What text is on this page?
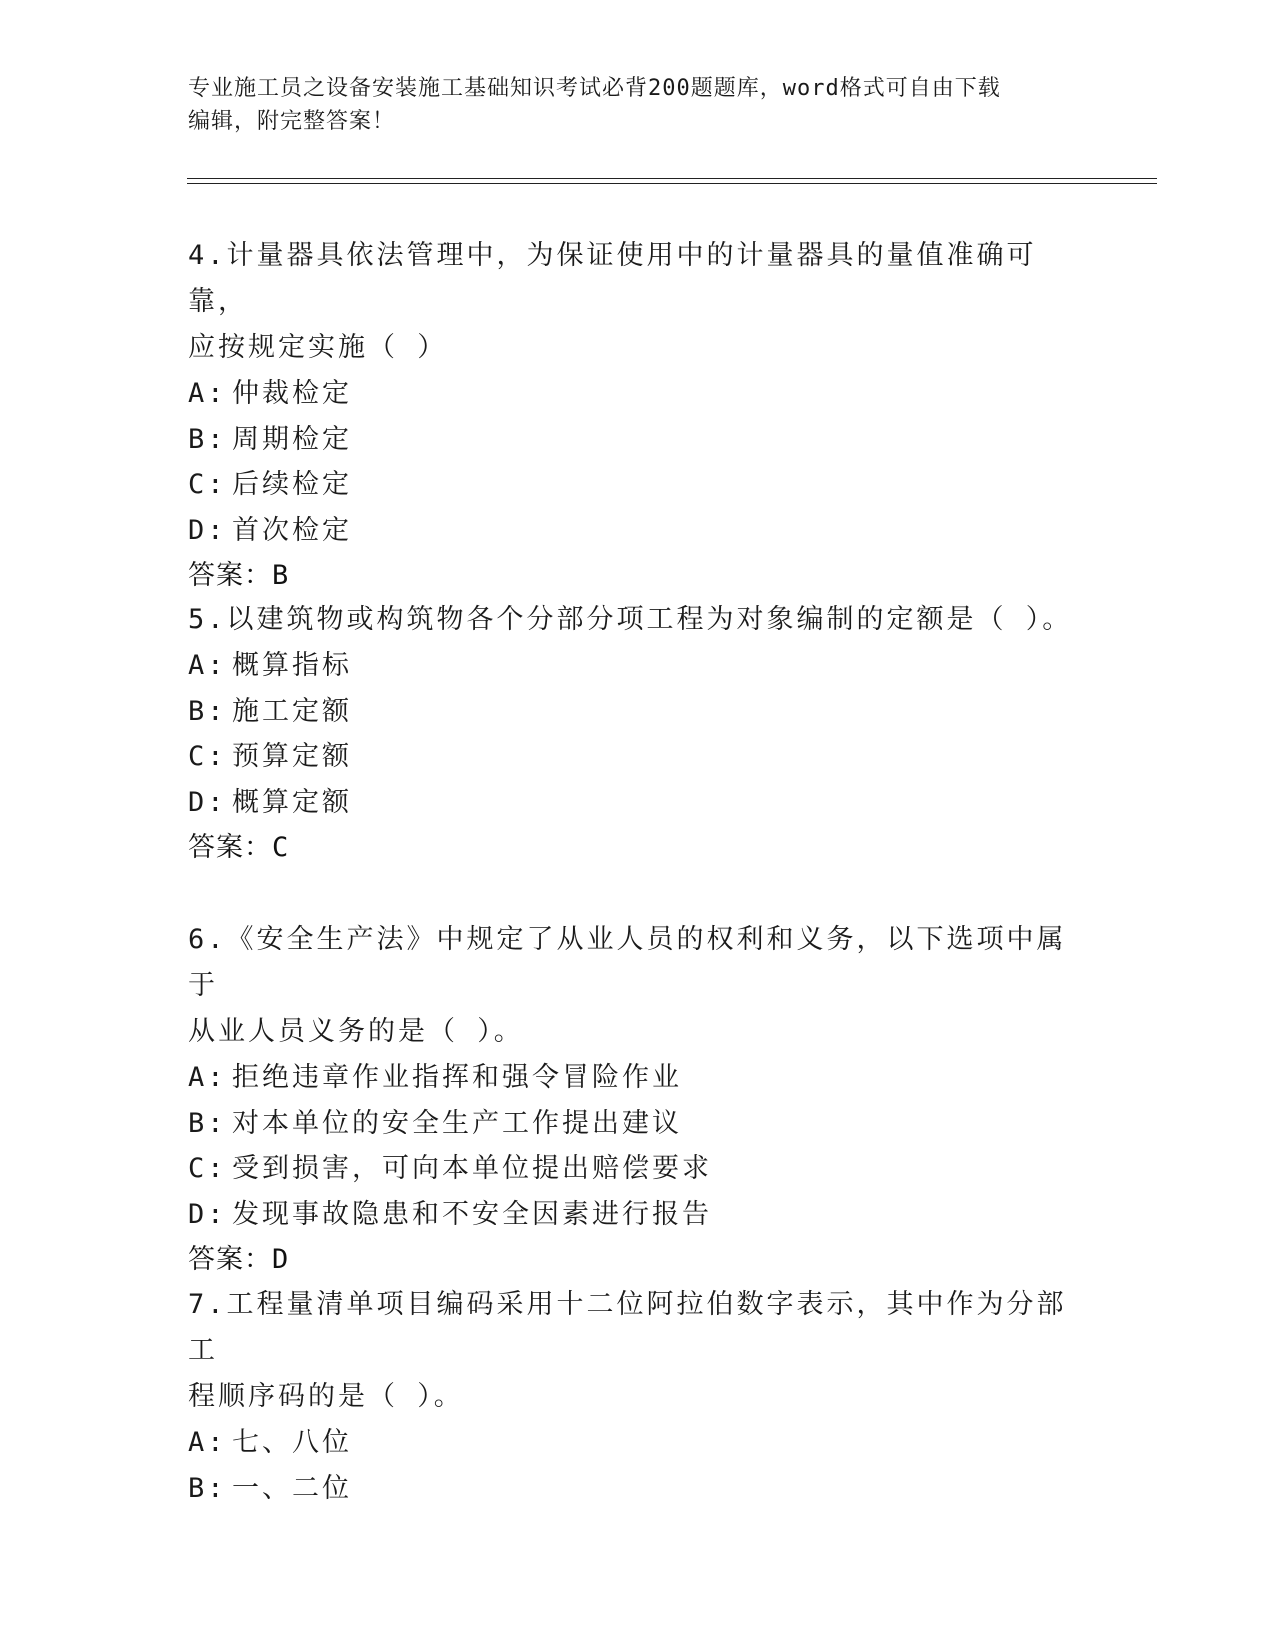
专业施工员之设备安装施工基础知识考试必背200题题库，word格式可自由下载
编辑，附完整答案！
4.计量器具依法管理中，为保证使用中的计量器具的量值准确可靠，
应按规定实施（ ）
A: 仲裁检定
B: 周期检定
C: 后续检定
D: 首次检定
答案：B
5.以建筑物或构筑物各个分部分项工程为对象编制的定额是（ ）。
A: 概算指标
B: 施工定额
C: 预算定额
D: 概算定额
答案：C
6.《安全生产法》中规定了从业人员的权利和义务，以下选项中属于
从业人员义务的是（ ）。
A: 拒绝违章作业指挥和强令冒险作业
B: 对本单位的安全生产工作提出建议
C: 受到损害，可向本单位提出赔偿要求
D: 发现事故隐患和不安全因素进行报告
答案：D
7.工程量清单项目编码采用十二位阿拉伯数字表示，其中作为分部工
程顺序码的是（ ）。
A: 七、八位
B: 一、二位
